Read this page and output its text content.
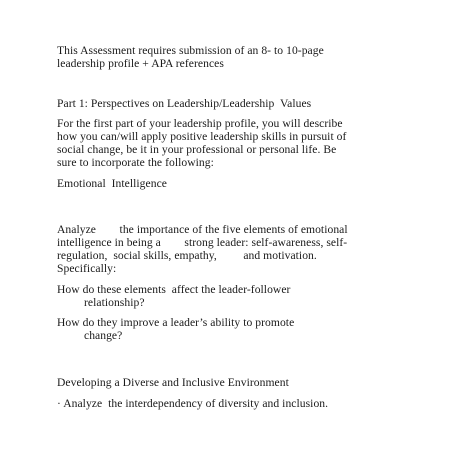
This Assessment requires submission of an 8- to 10-page
leadership profile + APA references
Part 1: Perspectives on Leadership/Leadership  Values
For the first part of your leadership profile, you will describe
how you can/will apply positive leadership skills in pursuit of
social change, be it in your professional or personal life. Be
sure to incorporate the following:
Emotional  Intelligence
Analyze        the importance of the five elements of emotional
intelligence in being a        strong leader: self-awareness, self-
regulation,  social skills, empathy,         and motivation.
Specifically:
How do these elements  affect the leader-follower
relationship?
How do they improve a leader’s ability to promote
change?
Developing a Diverse and Inclusive Environment
· Analyze  the interdependency of diversity and inclusion.
